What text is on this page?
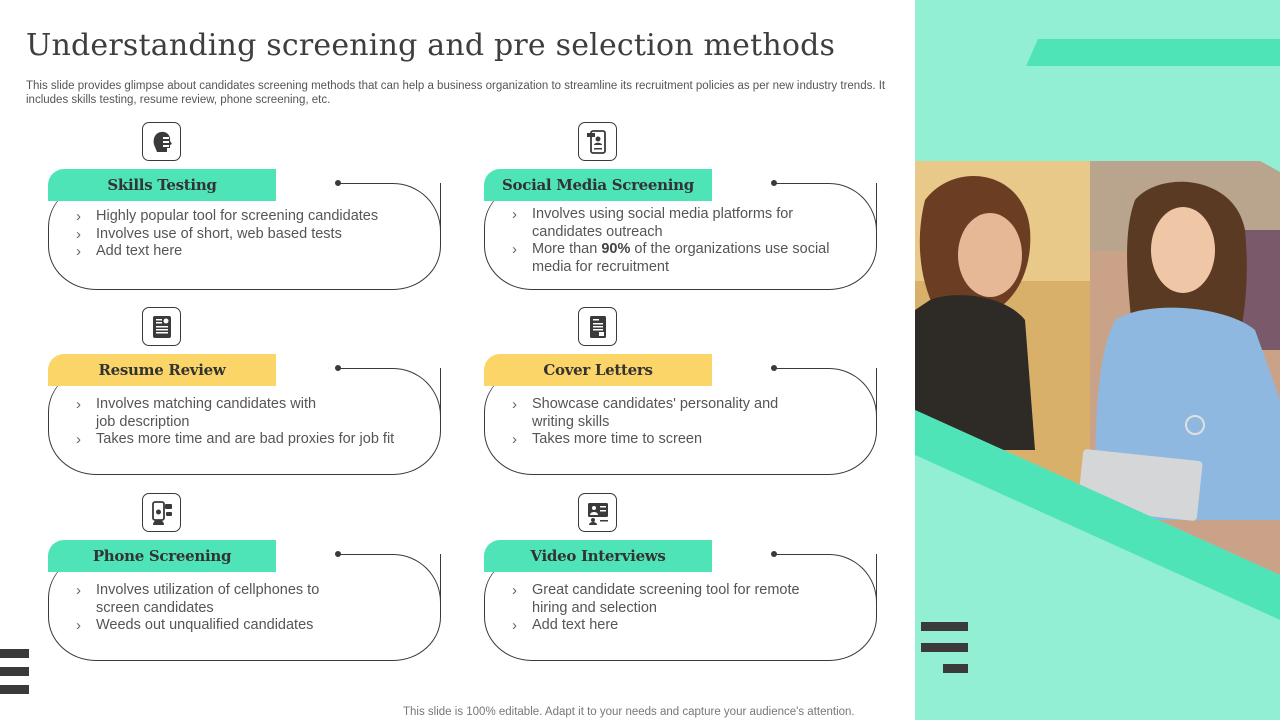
Understanding screening and pre selection methods

This slide provides glimpse about candidates screening methods that can help a business organization to streamline its recruitment policies as per new industry trends. It includes skills testing, resume review, phone screening, etc.

Skills Testing
› Highly popular tool for screening candidates
› Involves use of short, web based tests
› Add text here
Social Media Screening
› Involves using social media platforms for candidates outreach
› More than 90% of the organizations use social media for recruitment
Resume Review
› Involves matching candidates with job description
› Takes more time and are bad proxies for job fit
Cover Letters
› Showcase candidates' personality and writing skills
› Takes more time to screen
Phone Screening
› Involves utilization of cellphones to screen candidates
› Weeds out unqualified candidates
Video Interviews
› Great candidate screening tool for remote hiring and selection
› Add text here

This slide is 100% editable. Adapt it to your needs and capture your audience's attention.
